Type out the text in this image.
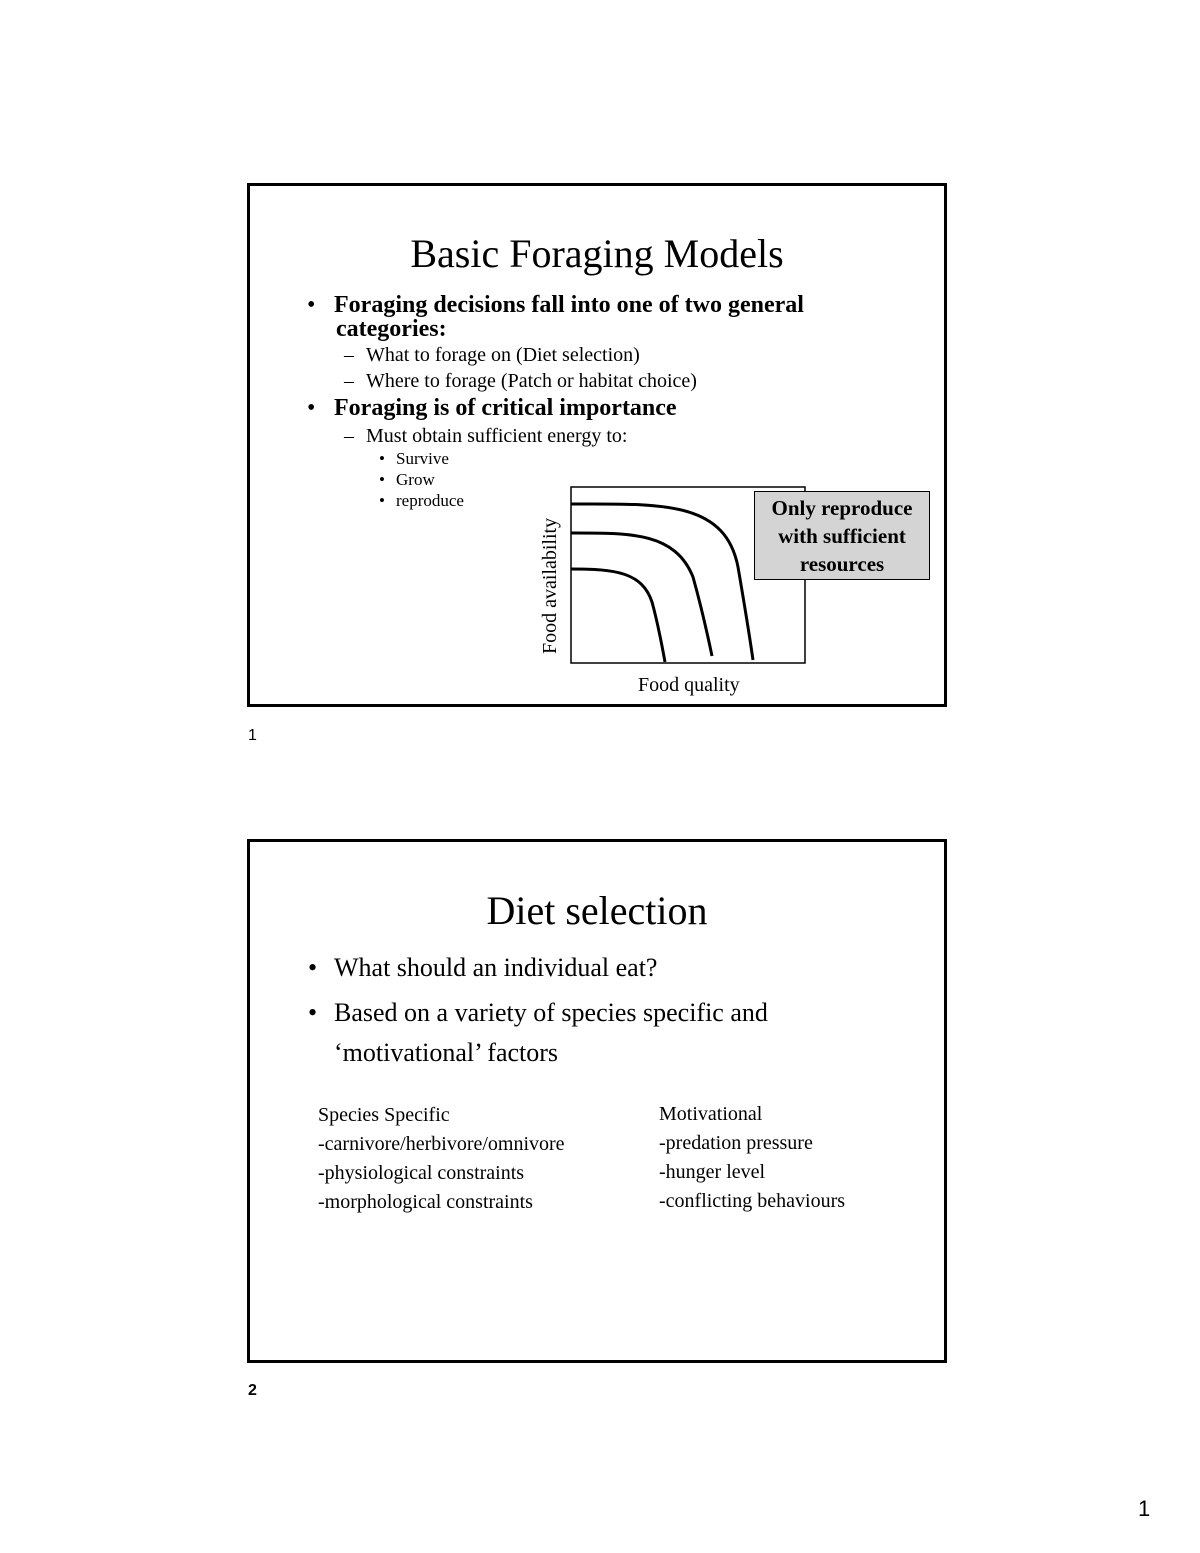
Basic Foraging Models
• Foraging decisions fall into one of two general
categories:
– What to forage on (Diet selection)
– Where to forage (Patch or habitat choice)
• Foraging is of critical importance
– Must obtain sufficient energy to:
• Survive
• Grow
• reproduce
Food quality
Food availability
Only reproduce
with sufficient
resources
1
Diet selection
• What should an individual eat?
• Based on a variety of species specific and
‘motivational’ factors
Species Specific
-carnivore/herbivore/omnivore
-physiological constraints
-morphological constraints
Motivational
-predation pressure
-hunger level
-conflicting behaviours
2
1
